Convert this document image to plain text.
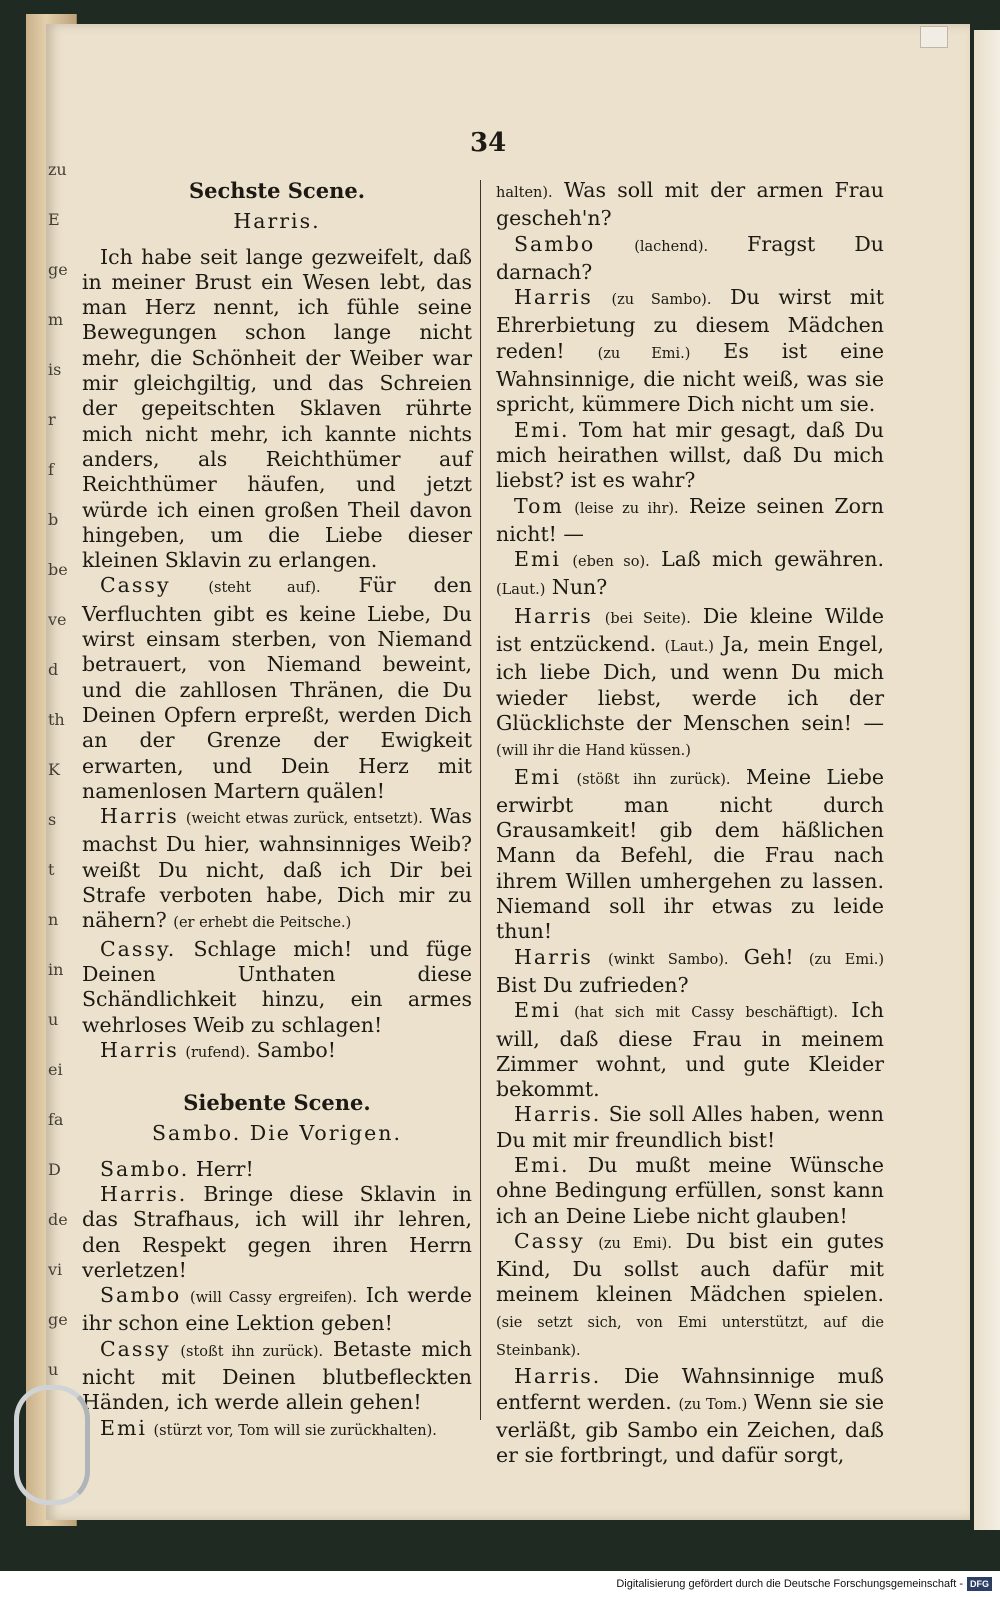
34
Sechste Scene.
Harris.

Ich habe seit lange gezweifelt, daß in meiner Brust ein Wesen lebt, das man Herz nennt, ich fühle seine Bewegungen schon lange nicht mehr, die Schönheit der Weiber war mir gleichgiltig, und das Schreien der gepeitschten Sklaven rührte mich nicht mehr, ich kannte nichts anders, als Reichthümer auf Reichthümer häufen, und jetzt würde ich einen großen Theil davon hingeben, um die Liebe dieser kleinen Sklavin zu erlangen.

Cassy	(steht auf). Für den Verfluchten gibt es keine Liebe, Du wirst einsam sterben, von Niemand betrauert, von Niemand beweint, und die zahllosen Thränen, die Du Deinen Opfern erpreßt, werden Dich an der Grenze der Ewigkeit erwarten, und Dein Herz mit namenlosen Martern quälen!

Harris (weicht etwas zurück, entsetzt). Was machst Du hier, wahnsinniges Weib? weißt Du nicht, daß ich Dir bei Strafe verboten habe, Dich mir zu nähern? (er erhebt die Peitsche.)

Cassy. Schlage mich! und füge Deinen Unthaten diese Schändlichkeit hinzu, ein armes wehrloses Weib zu schlagen!

Harris (rufend). Sambo!

Siebente Scene.
Sambo. Die Vorigen.

Sambo. Herr!

Harris. Bringe diese Sklavin in das Strafhaus, ich will ihr lehren, den Respekt gegen ihren Herrn verletzen!

Sambo (will Cassy ergreifen). Ich werde ihr schon eine Lektion geben!

Cassy (stoßt ihn zurück). Betaste mich nicht mit Deinen blutbefleckten Händen, ich werde allein gehen!

Emi (stürzt vor, Tom will sie zurückhalten).

halten). Was soll mit der armen Frau gescheh'n?

Sambo	(lachend). Fragst Du darnach?

Harris (zu Sambo). Du wirst mit Ehrerbietung zu diesem Mädchen reden! (zu Emi.) Es ist eine Wahnsinnige, die nicht weiß, was sie spricht, kümmere Dich nicht um sie.

Emi. Tom hat mir gesagt, daß Du mich heirathen willst, daß Du mich liebst? ist es wahr?

Tom (leise zu ihr). Reize seinen Zorn nicht! —

Emi (eben so). Laß mich gewähren. (Laut.) Nun?

Harris (bei Seite). Die kleine Wilde ist entzückend. (Laut.) Ja, mein Engel, ich liebe Dich, und wenn Du mich wieder liebst, werde ich der Glücklichste der Menschen sein! — (will ihr die Hand küssen.)

Emi (stößt ihn zurück). Meine Liebe erwirbt man nicht durch Grausamkeit! gib dem häßlichen Mann da Befehl, die Frau nach ihrem Willen umhergehen zu lassen. Niemand soll ihr etwas zu leide thun!

Harris (winkt Sambo). Geh! (zu Emi.) Bist Du zufrieden?

Emi (hat sich mit Cassy beschäftigt). Ich will, daß diese Frau in meinem Zimmer wohnt, und gute Kleider bekommt.

Harris. Sie soll Alles haben, wenn Du mit mir freundlich bist!

Emi. Du mußt meine Wünsche ohne Bedingung erfüllen, sonst kann ich an Deine Liebe nicht glauben!

Cassy (zu Emi). Du bist ein gutes Kind, Du sollst auch dafür mit meinem kleinen Mädchen spielen. (sie setzt sich, von Emi unterstützt, auf die Steinbank).

Harris. Die Wahnsinnige muß entfernt werden. (zu Tom.) Wenn sie sie verläßt, gib Sambo ein Zeichen, daß er sie fortbringt, und dafür sorgt,

zu
E
ge
m
is
r
f
b
be
ve
d
th
K
s
t
n
in
u
ei
fa
D
de
vi
ge
u
Digitalisierung gefördert durch die Deutsche Forschungsgemeinschaft - DFG
